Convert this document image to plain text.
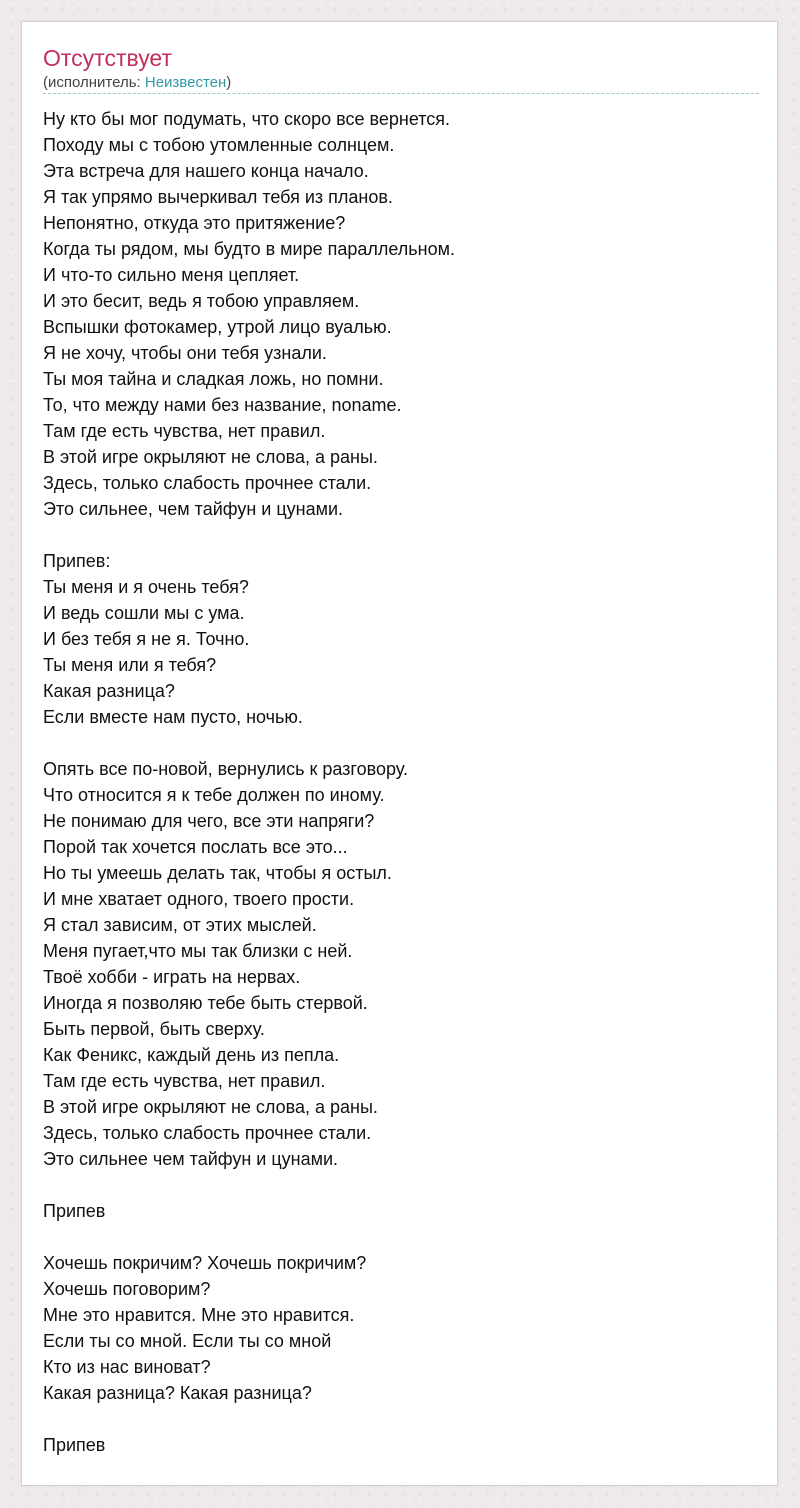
Отсутствует
(исполнитель: Неизвестен)
Ну кто бы мог подумать, что скоро все вернется.
Походу мы с тобою утомленные солнцем.
Эта встреча для нашего конца начало.
Я так упрямо вычеркивал тебя из планов.
Непонятно, откуда это притяжение?
Когда ты рядом, мы будто в мире параллельном.
И что-то сильно меня цепляет.
И это бесит, ведь я тобою управляем.
Вспышки фотокамер, утрой лицо вуалью.
Я не хочу, чтобы они тебя узнали.
Ты моя тайна и сладкая ложь, но помни.
То, что между нами без название, noname.
Там где есть чувства, нет правил.
В этой игре окрыляют не слова, а раны.
Здесь, только слабость прочнее стали.
Это сильнее, чем тайфун и цунами.
Припев:
Ты меня и я очень тебя?
И ведь сошли мы с ума.
И без тебя я не я. Точно.
Ты меня или я тебя?
Какая разница?
Если вместе нам пусто, ночью.
Опять все по-новой, вернулись к разговору.
Что относится я к тебе должен по иному.
Не понимаю для чего, все эти напряги?
Порой так хочется послать все это...
Но ты умеешь делать так, чтобы я остыл.
И мне хватает одного, твоего прости.
Я стал зависим, от этих мыслей.
Меня пугает,что мы так близки с ней.
Твоё хобби - играть на нервах.
Иногда я позволяю тебе быть стервой.
Быть первой, быть сверху.
Как Феникс, каждый день из пепла.
Там где есть чувства, нет правил.
В этой игре окрыляют не слова, а раны.
Здесь, только слабость прочнее стали.
Это сильнее чем тайфун и цунами.
Припев
Хочешь покричим? Хочешь покричим?
Хочешь поговорим?
Мне это нравится. Мне это нравится.
Если ты со мной. Если ты со мной
Кто из нас виноват?
Какая разница? Какая разница?
Припев
